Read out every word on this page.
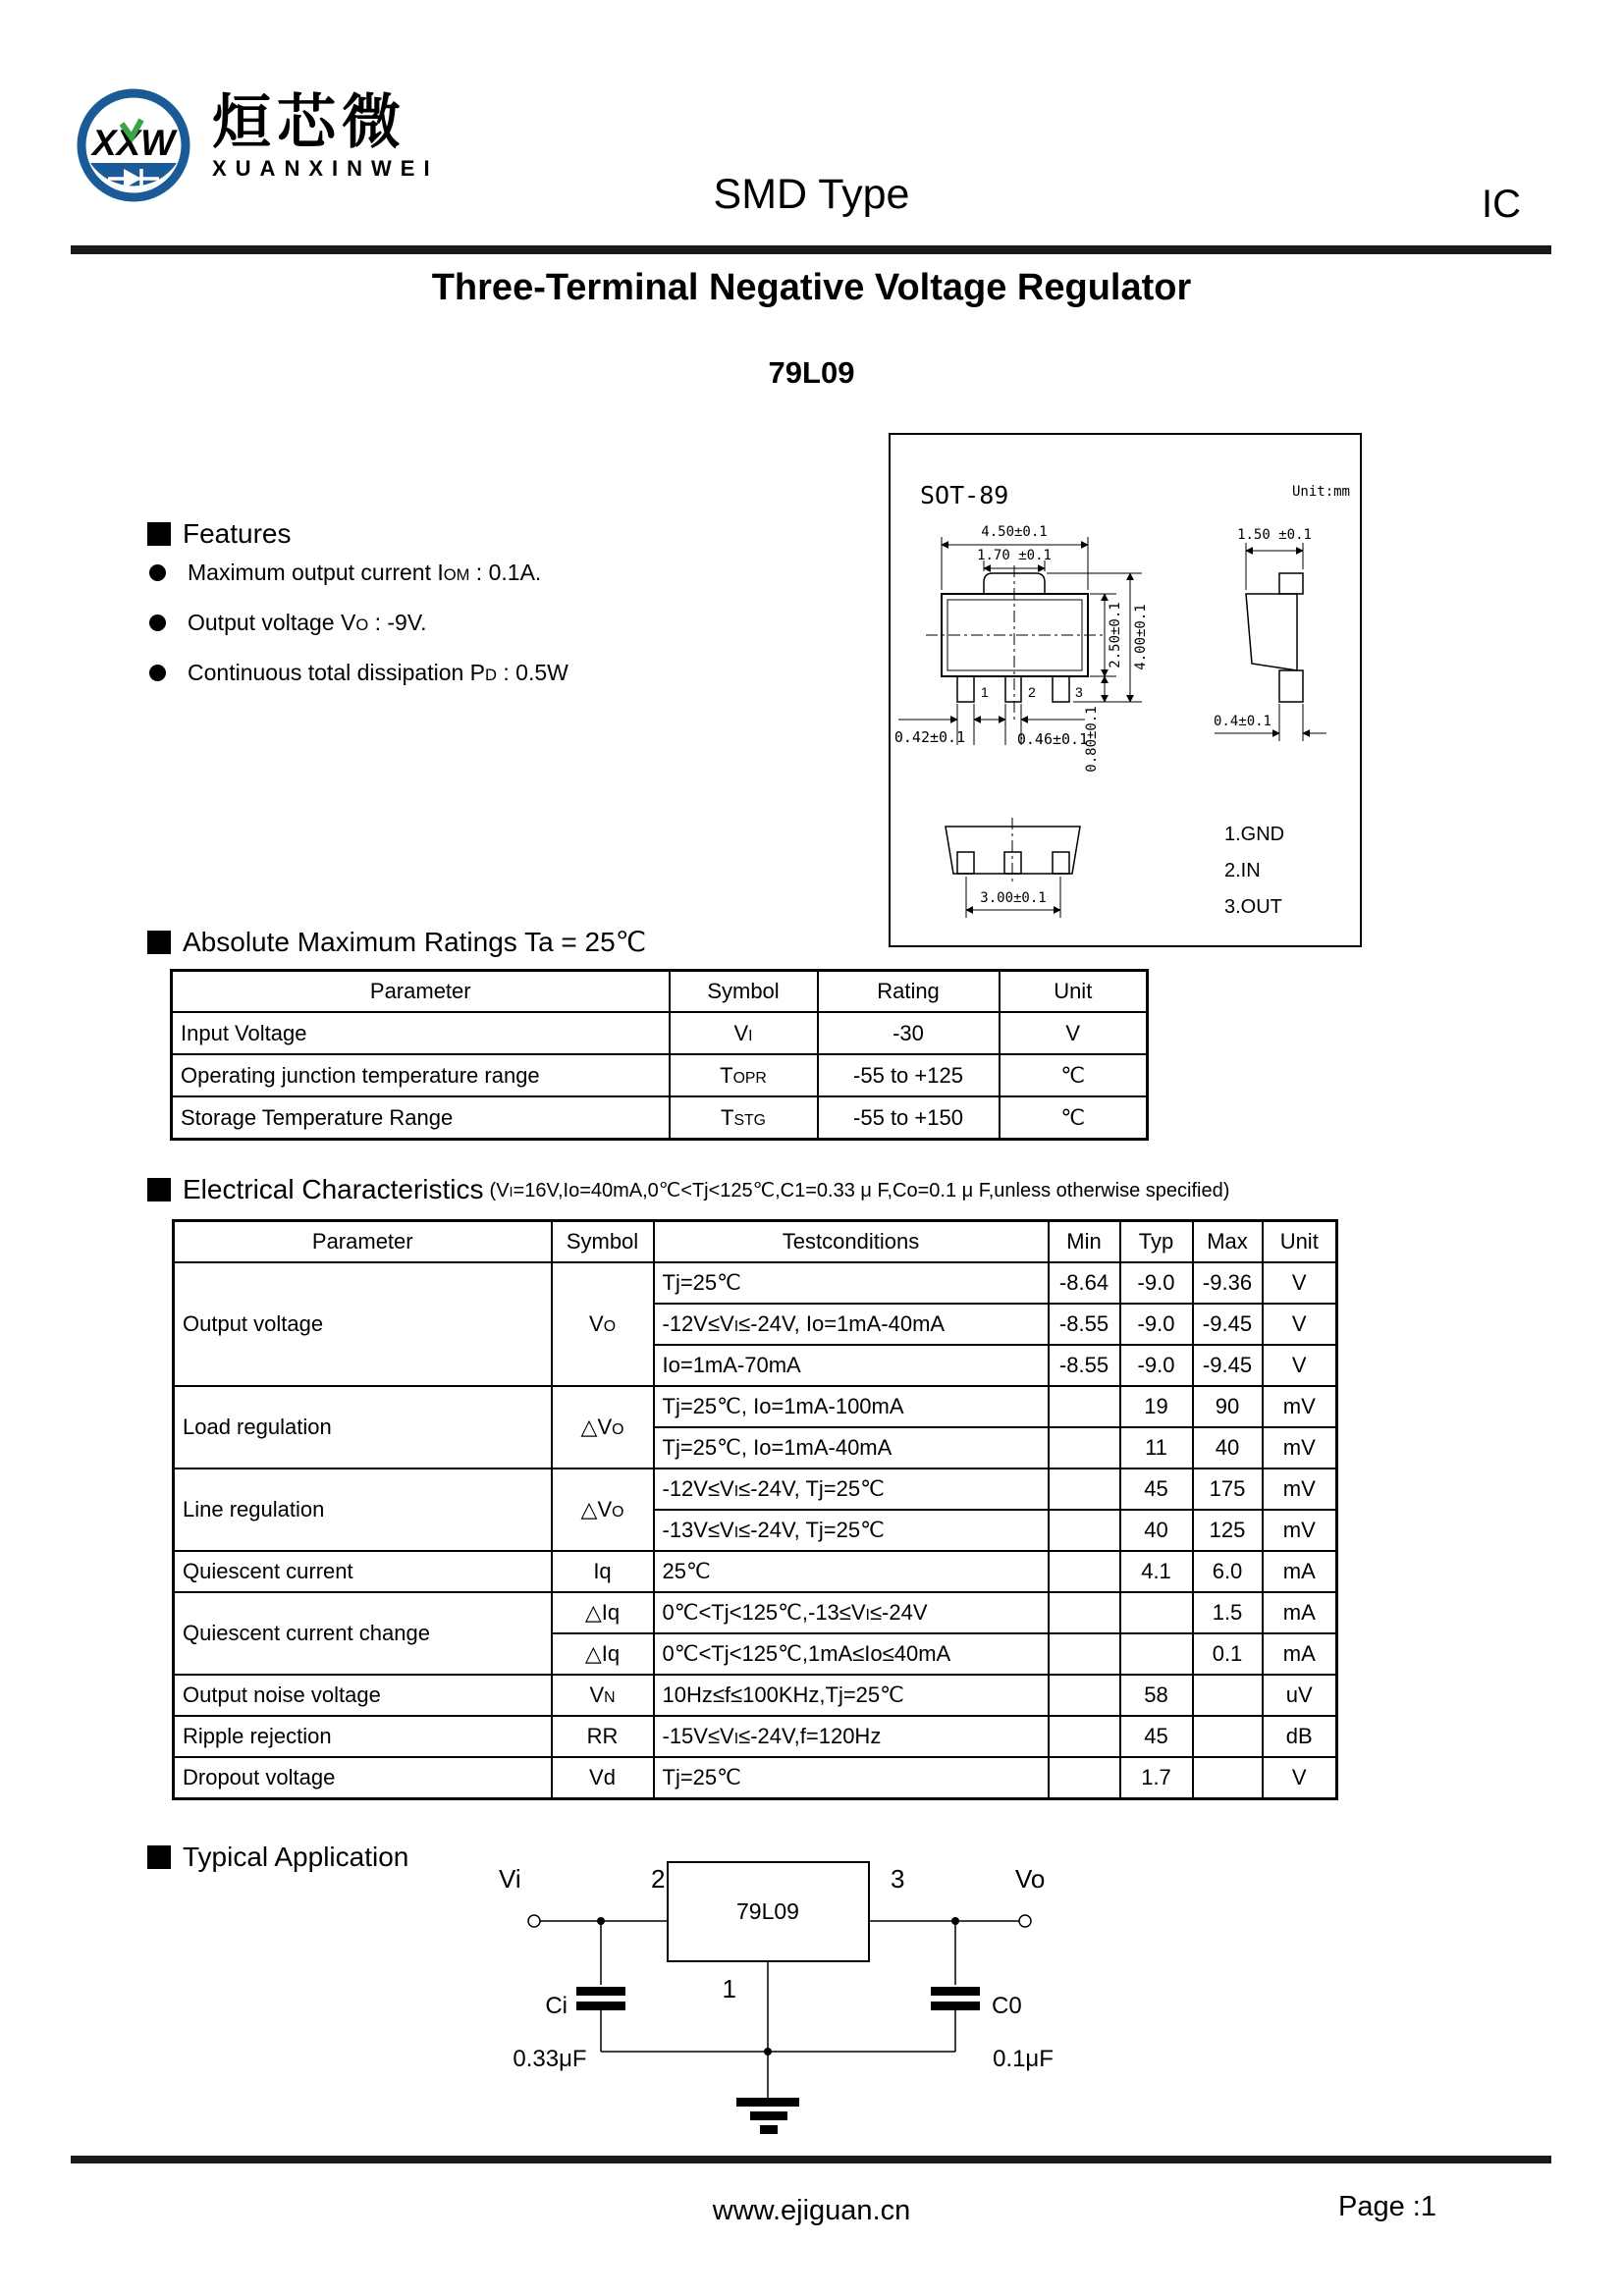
XXW 烜芯微
XUANXINWEI
SMD Type	IC
Three-Terminal Negative Voltage Regulator
79L09
SOT-89	Unit:mm
1	2	3
4.50±0.1
1.70 ±0.1
2.50±0.1 4.00±0.1
0.80±0.1
0.42±0.1	0.46±0.1
1.50 ±0.1
0.4±0.1
3.00±0.1
1.GND
2.IN
3.OUT
Features
Maximum output current IOM : 0.1A.
Output voltage VO : -9V.
Continuous total dissipation PD : 0.5W
Absolute Maximum Ratings Ta = 25℃
Parameter	Symbol	Rating	Unit
Input Voltage	VI	-30	V
Operating junction temperature range	TOPR	-55 to +125	℃
Storage Temperature Range	TSTG	-55 to +150	℃
Electrical Characteristics (VI=16V,Io=40mA,0℃<Tj<125℃,C1=0.33 μ F,Co=0.1 μ F,unless otherwise specified)
Parameter	Symbol	Testconditions	Min	Typ	Max	Unit
Output voltage	VO	Tj=25℃	-8.64	-9.0	-9.36	V
		-12V≤VI≤-24V, Io=1mA-40mA	-8.55	-9.0	-9.45	V
		Io=1mA-70mA	-8.55	-9.0	-9.45	V
Load regulation	△VO	Tj=25℃, Io=1mA-100mA		19	90	mV
		Tj=25℃, Io=1mA-40mA		11	40	mV
Line regulation	△VO	-12V≤VI≤-24V, Tj=25℃		45	175	mV
		-13V≤VI≤-24V, Tj=25℃		40	125	mV
Quiescent current	Iq	25℃		4.1	6.0	mA
Quiescent current change	△Iq	0℃<Tj<125℃,-13≤VI≤-24V			1.5	mA
	△Iq	0℃<Tj<125℃,1mA≤Io≤40mA			0.1	mA
Output noise voltage	VN	10Hz≤f≤100KHz,Tj=25℃		58		uV
Ripple rejection	RR	-15V≤VI≤-24V,f=120Hz		45		dB
Dropout voltage	Vd	Tj=25℃		1.7		V
Typical Application
Vi	2	3	Vo
79L09
1
Ci
0.33μF
C0
0.1μF
www.ejiguan.cn	Page :1
